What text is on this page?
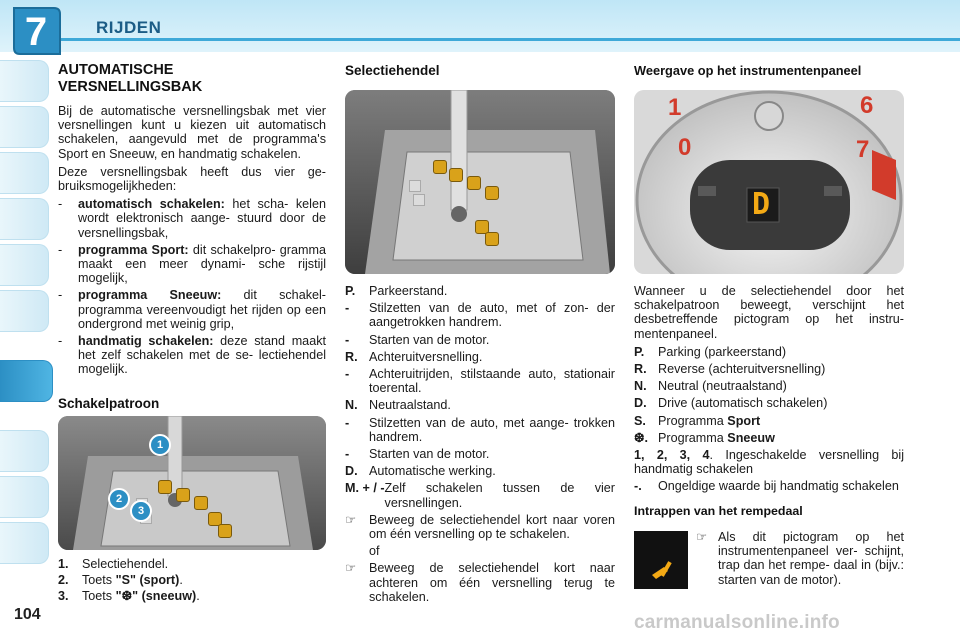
7	RIJDEN
AUTOMATISCHE VERSNELLINGSBAK

Bij de automatische versnellingsbak met vier versnellingen kunt u kiezen uit automatisch schakelen, aangevuld met de programma's Sport en Sneeuw, en handmatig schakelen.

Deze versnellingsbak heeft dus vier ge- bruiksmogelijkheden:

-	automatisch schakelen: het scha- kelen wordt elektronisch aange- stuurd door de versnellingsbak,
-	programma Sport: dit schakelpro- gramma maakt een meer dynami- sche rijstijl mogelijk,
-	programma Sneeuw: dit schakel- programma vereenvoudigt het rijden op een ondergrond met weinig grip,
-	handmatig schakelen: deze stand maakt het zelf schakelen met de se- lectiehendel mogelijk.
Schakelpatroon
1
2
3
1. Selectiehendel.
2. Toets "S" (sport).
3. Toets "❆" (sneeuw).
Selectiehendel
P.	Parkeerstand.
-	Stilzetten van de auto, met of zon- der aangetrokken handrem.
-	Starten van de motor.
R. Achteruitversnelling.
-	Achteruitrijden, stilstaande auto, stationair toerental.
N. Neutraalstand.
-	Stilzetten van de auto, met aange- trokken handrem.
-	Starten van de motor.
D. Automatische werking.
M. + / - Zelf schakelen tussen de vier versnellingen.
☞	Beweeg de selectiehendel kort naar voren om één versnelling op te schakelen.
of
☞	Beweeg de selectiehendel kort naar achteren om één versnelling terug te schakelen.
Weergave op het instrumentenpaneel
1	6
0	7
D

Wanneer u de selectiehendel door het schakelpatroon beweegt, verschijnt het desbetreffende pictogram op het instru- mentenpaneel.

P.	Parking (parkeerstand)
R. Reverse (achteruitversnelling)
N. Neutral (neutraalstand)
D. Drive (automatisch schakelen)
S. Programma Sport
❆. Programma Sneeuw
1, 2, 3, 4. Ingeschakelde versnelling bij handmatig schakelen
-.	Ongeldige waarde bij handmatig schakelen
Intrappen van het rempedaal
☞ Als dit pictogram op het instrumentenpaneel ver- schijnt, trap dan het rempe- daal in (bijv.: starten van de motor).
104	carmanualsonline.info
